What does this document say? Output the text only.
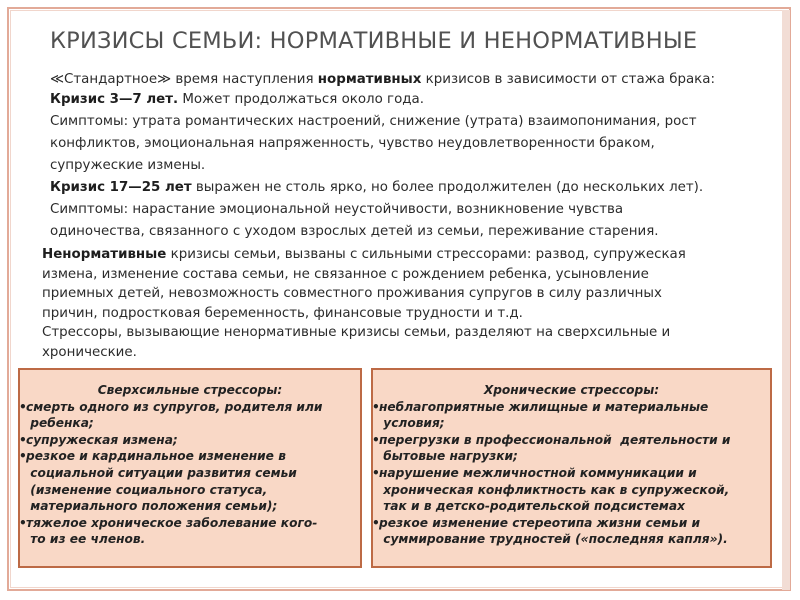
КРИЗИСЫ СЕМЬИ: НОРМАТИВНЫЕ И НЕНОРМАТИВНЫЕ

≪Стандартное≫ время наступления нормативных кризисов в зависимости от стажа брака:

Кризис 3—7 лет. Может продолжаться около года.

Симптомы: утрата романтических настроений, снижение (утрата) взаимопонимания, рост

конфликтов, эмоциональная напряженность, чувство неудовлетворенности браком,

супружеские измены.

Кризис 17—25 лет выражен не столь ярко, но более продолжителен (до нескольких лет).

Симптомы: нарастание эмоциональной неустойчивости, возникновение чувства

одиночества, связанного с уходом взрослых детей из семьи, переживание старения.

Ненормативные кризисы семьи, вызваны с сильными стрессорами: развод, супружеская

измена, изменение состава семьи, не связанное с рождением ребенка, усыновление

приемных детей, невозможность совместного проживания супругов в силу различных

причин, подростковая беременность, финансовые трудности и т.д.

Стрессоры, вызывающие ненормативные кризисы семьи, разделяют на сверхсильные и

хронические.

Сверхсильные стрессоры:
• смерть одного из супругов, родителя или
ребенка;
• супружеская измена;
• резкое и кардинальное изменение в
социальной ситуации развития семьи
(изменение социального статуса,
материального положения семьи);
• тяжелое хроническое заболевание кого-
то из ее членов.
Хронические стрессоры:
• неблагоприятные жилищные и материальные
условия;
• перегрузки в профессиональной  деятельности и
бытовые нагрузки;
• нарушение межличностной коммуникации и
хроническая конфликтность как в супружеской,
так и в детско-родительской подсистемах
• резкое изменение стереотипа жизни семьи и
суммирование трудностей («последняя капля»).
